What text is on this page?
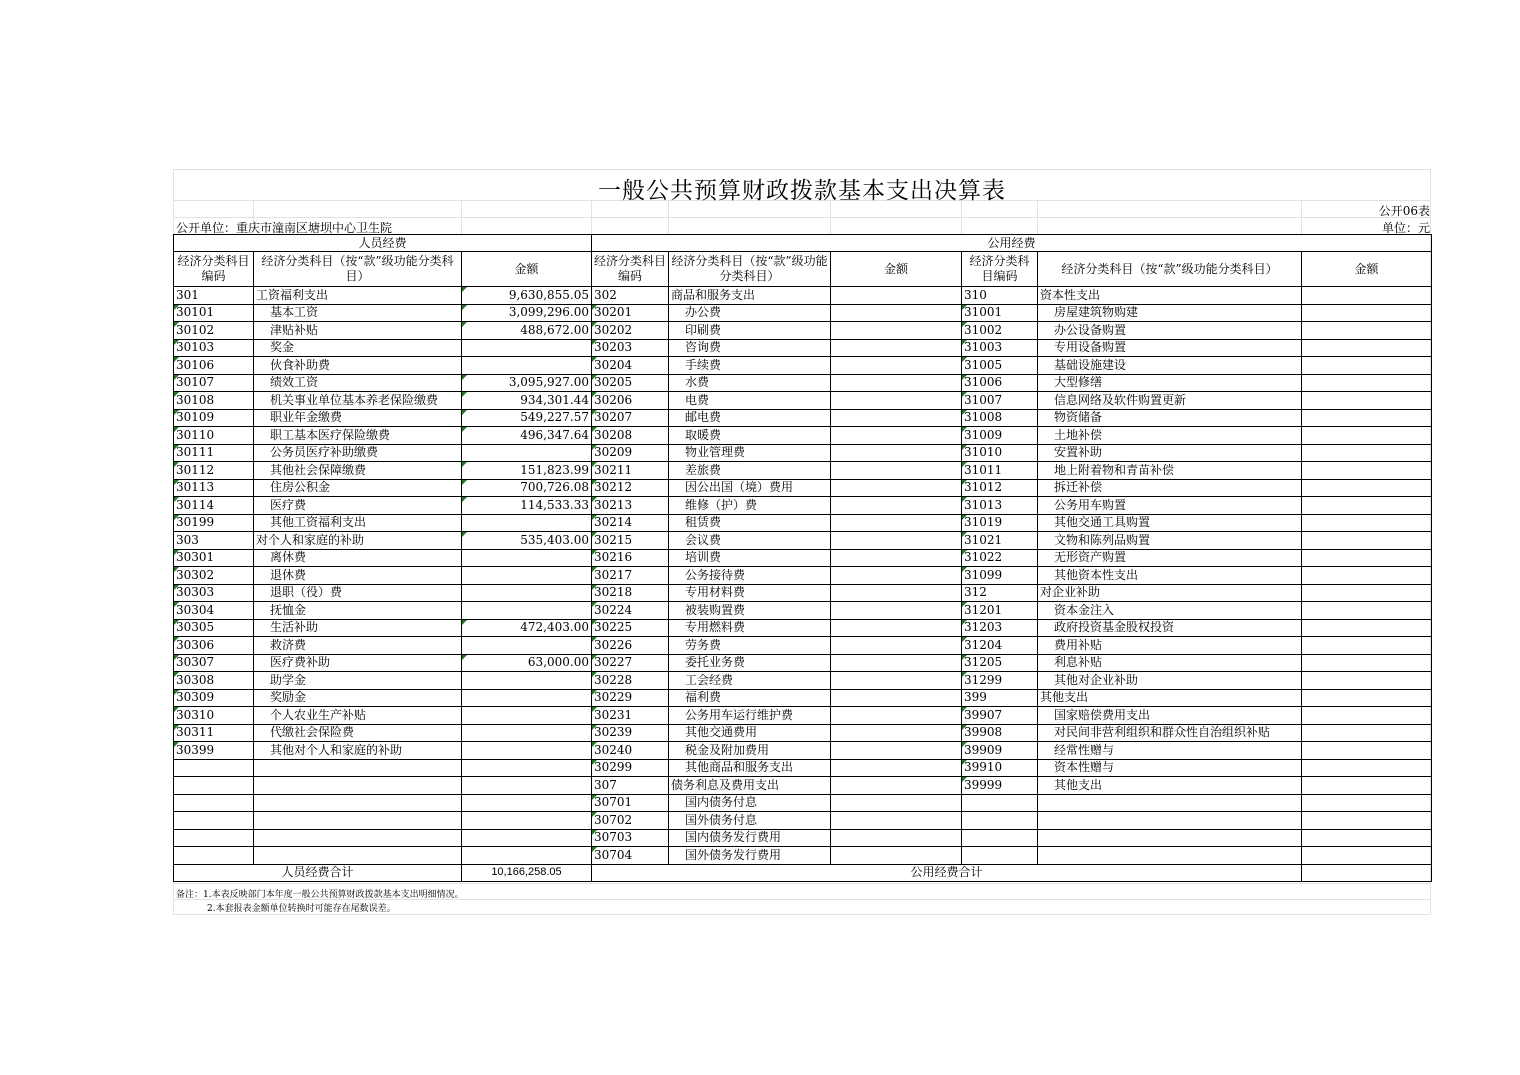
一般公共预算财政拨款基本支出决算表
公开06表
公开单位：重庆市潼南区塘坝中心卫生院	单位：元
人员经费			公用经费					
经济分类科目编码	经济分类科目（按“款”级功能分类科目）	金额	经济分类科目编码	经济分类科目（按“款”级功能分类科目）	金额	经济分类科目编码	经济分类科目（按“款”级功能分类科目）	金额
301	工资福利支出	9,630,855.05	302	商品和服务支出		310	资本性支出	
30101	基本工资	3,099,296.00	30201	办公费		31001	房屋建筑物购建	
30102	津贴补贴	488,672.00	30202	印刷费		31002	办公设备购置	
30103	奖金		30203	咨询费		31003	专用设备购置	
30106	伙食补助费		30204	手续费		31005	基础设施建设	
30107	绩效工资	3,095,927.00	30205	水费		31006	大型修缮	
30108	机关事业单位基本养老保险缴费	934,301.44	30206	电费		31007	信息网络及软件购置更新	
30109	职业年金缴费	549,227.57	30207	邮电费		31008	物资储备	
30110	职工基本医疗保险缴费	496,347.64	30208	取暖费		31009	土地补偿	
30111	公务员医疗补助缴费		30209	物业管理费		31010	安置补助	
30112	其他社会保障缴费	151,823.99	30211	差旅费		31011	地上附着物和青苗补偿	
30113	住房公积金	700,726.08	30212	因公出国（境）费用		31012	拆迁补偿	
30114	医疗费	114,533.33	30213	维修（护）费		31013	公务用车购置	
30199	其他工资福利支出		30214	租赁费		31019	其他交通工具购置	
303	对个人和家庭的补助	535,403.00	30215	会议费		31021	文物和陈列品购置	
30301	离休费		30216	培训费		31022	无形资产购置	
30302	退休费		30217	公务接待费		31099	其他资本性支出	
30303	退职（役）费		30218	专用材料费		312	对企业补助	
30304	抚恤金		30224	被装购置费		31201	资本金注入	
30305	生活补助	472,403.00	30225	专用燃料费		31203	政府投资基金股权投资	
30306	救济费		30226	劳务费		31204	费用补贴	
30307	医疗费补助	63,000.00	30227	委托业务费		31205	利息补贴	
30308	助学金		30228	工会经费		31299	其他对企业补助	
30309	奖励金		30229	福利费		399	其他支出	
30310	个人农业生产补贴		30231	公务用车运行维护费		39907	国家赔偿费用支出	
30311	代缴社会保险费		30239	其他交通费用		39908	对民间非营利组织和群众性自治组织补贴	
30399	其他对个人和家庭的补助		30240	税金及附加费用		39909	经常性赠与	
			30299	其他商品和服务支出		39910	资本性赠与	
			307	债务利息及费用支出		39999	其他支出	
			30701	国内债务付息				
			30702	国外债务付息				
			30703	国内债务发行费用				
			30704	国外债务发行费用				
人员经费合计		10,166,258.05	公用经费合计					
备注：1.本表反映部门本年度一般公共预算财政拨款基本支出明细情况。
2.本套报表金额单位转换时可能存在尾数误差。
